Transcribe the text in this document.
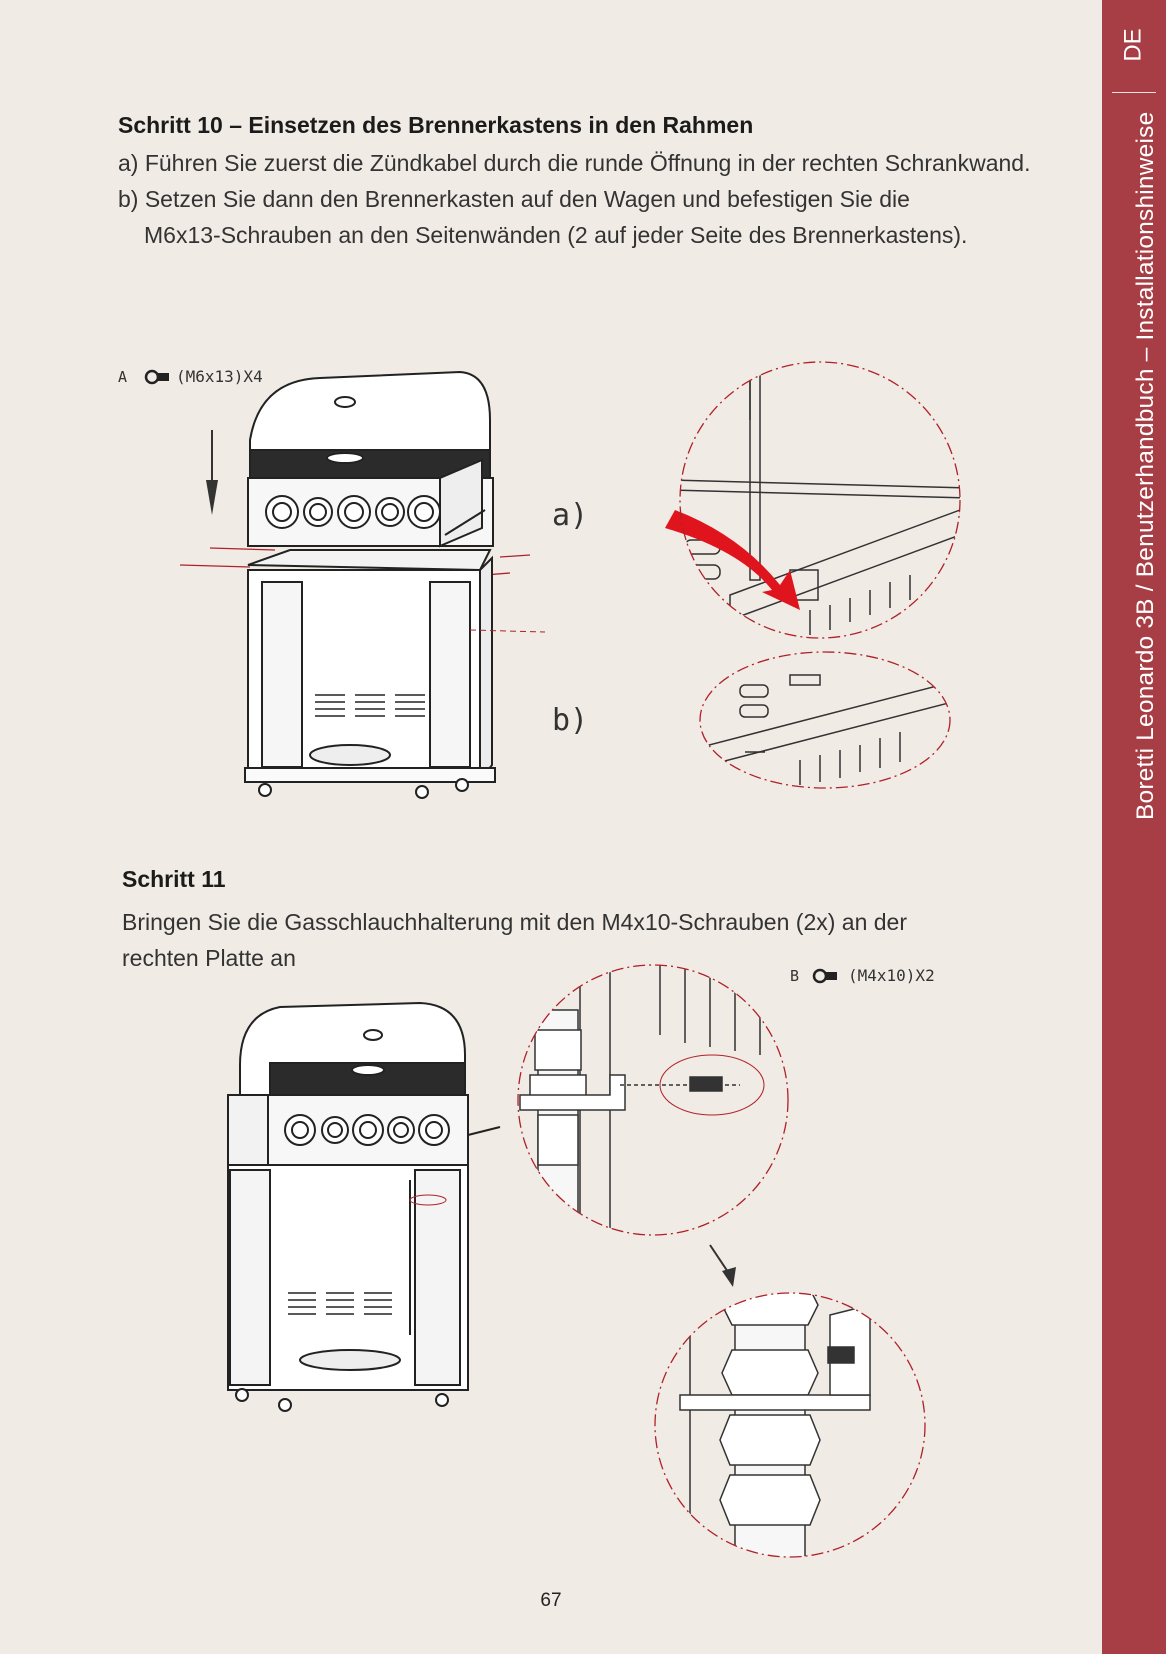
DE
Boretti Leonardo 3B / Benutzerhandbuch – Installationshinweise
Schritt 10 – Einsetzen des Brennerkastens in den Rahmen

a) Führen Sie zuerst die Zündkabel durch die runde Öffnung in der rechten Schrankwand.
b) Setzen Sie dann den Brennerkasten auf den Wagen und befestigen Sie die
M6x13-Schrauben an den Seitenwänden (2 auf jeder Seite des Brennerkastens).

A	(M6x13)X4
a)
b)
Schritt 11

Bringen Sie die Gasschlauchhalterung mit den M4x10-Schrauben (2x) an der
rechten Platte an

B	(M4x10)X2
67
